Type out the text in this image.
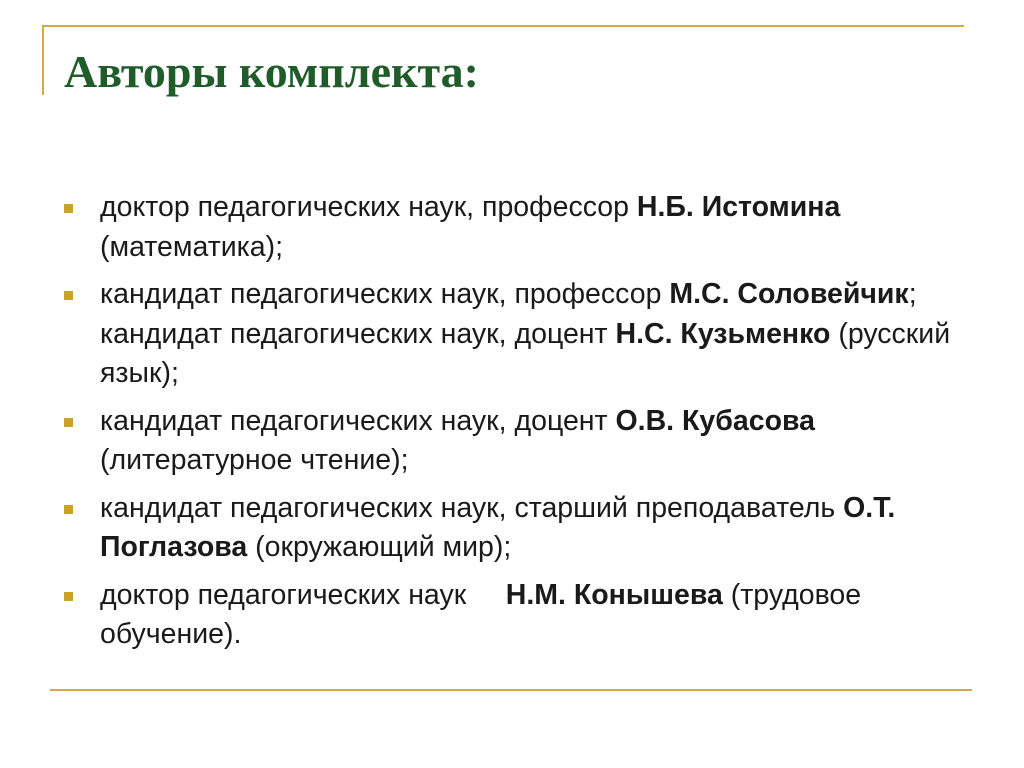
Авторы комплекта:
доктор педагогических наук, профессор Н.Б. Истомина (математика);
кандидат педагогических наук, профессор М.С. Соловейчик; кандидат педагогических наук, доцент Н.С. Кузьменко (русский язык);
кандидат педагогических наук, доцент О.В. Кубасова (литературное чтение);
кандидат педагогических наук, старший преподаватель О.Т. Поглазова (окружающий мир);
доктор педагогических наук     Н.М. Конышева (трудовое обучение).
